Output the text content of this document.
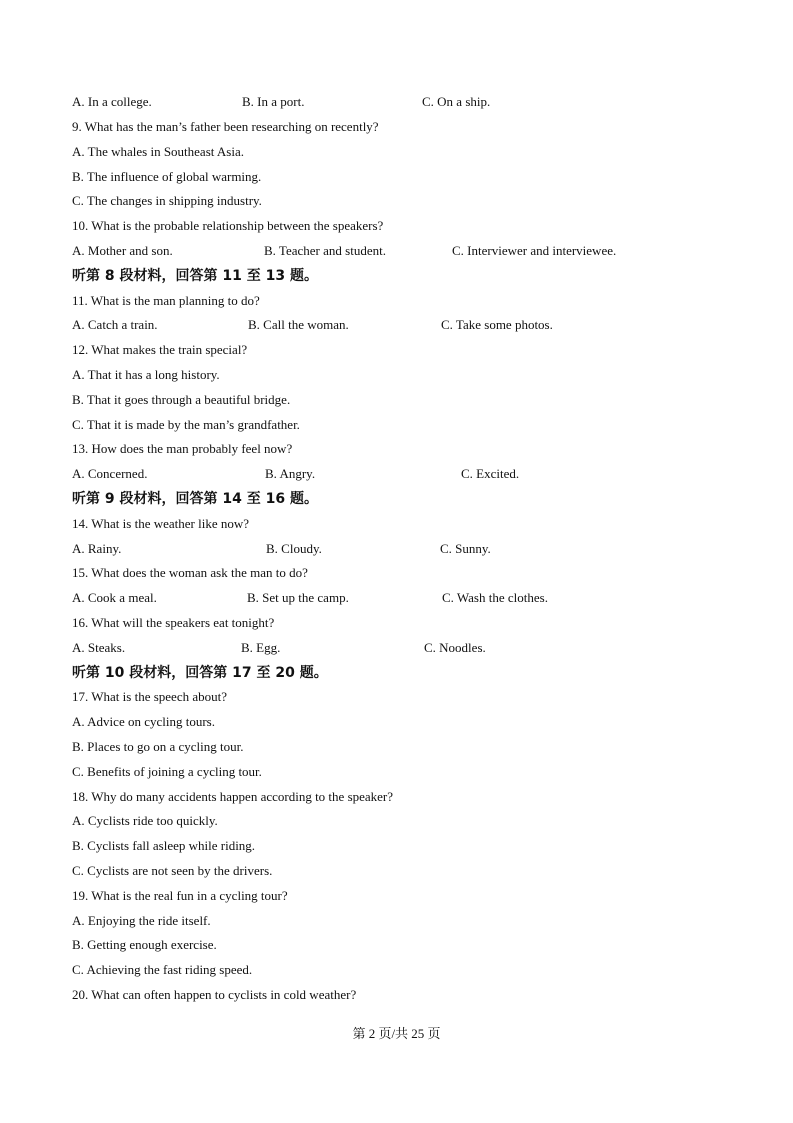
A. In a college.	B. In a port.	C. On a ship.
9. What has the man’s father been researching on recently?
A. The whales in Southeast Asia.
B. The influence of global warming.
C. The changes in shipping industry.
10. What is the probable relationship between the speakers?
A. Mother and son.	B. Teacher and student.	C. Interviewer and interviewee.
听第 8 段材料，回答第 11 至 13 题。
11. What is the man planning to do?
A. Catch a train.	B. Call the woman.	C. Take some photos.
12. What makes the train special?
A. That it has a long history.
B. That it goes through a beautiful bridge.
C. That it is made by the man’s grandfather.
13. How does the man probably feel now?
A. Concerned.	B. Angry.	C. Excited.
听第 9 段材料，回答第 14 至 16 题。
14. What is the weather like now?
A. Rainy.	B. Cloudy.	C. Sunny.
15. What does the woman ask the man to do?
A. Cook a meal.	B. Set up the camp.	C. Wash the clothes.
16. What will the speakers eat tonight?
A. Steaks.	B. Egg.	C. Noodles.
听第 10 段材料，回答第 17 至 20 题。
17. What is the speech about?
A. Advice on cycling tours.
B. Places to go on a cycling tour.
C. Benefits of joining a cycling tour.
18. Why do many accidents happen according to the speaker?
A. Cyclists ride too quickly.
B. Cyclists fall asleep while riding.
C. Cyclists are not seen by the drivers.
19. What is the real fun in a cycling tour?
A. Enjoying the ride itself.
B. Getting enough exercise.
C. Achieving the fast riding speed.
20. What can often happen to cyclists in cold weather?
第 2 页/共 25 页
